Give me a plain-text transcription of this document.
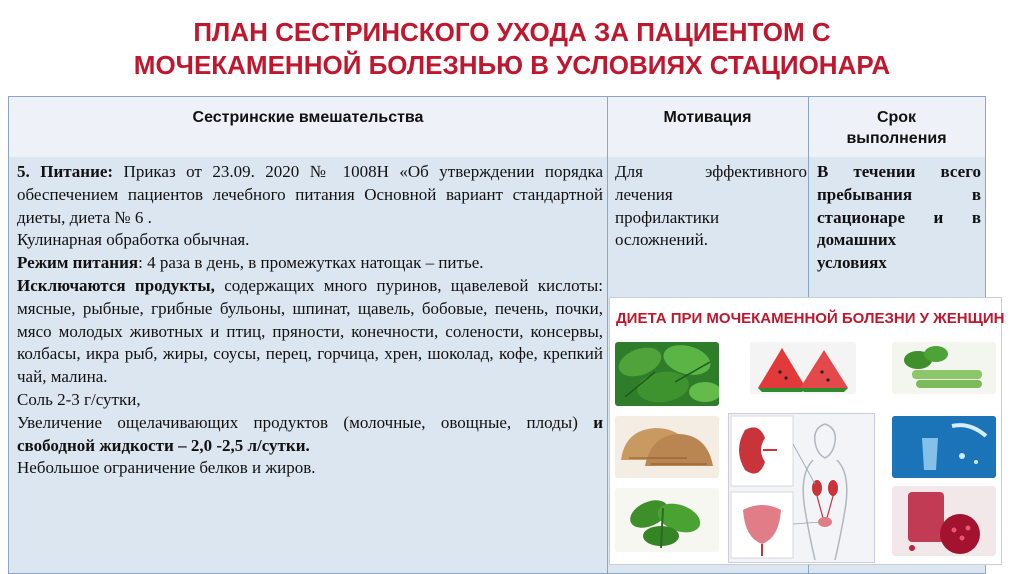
ПЛАН СЕСТРИНСКОГО УХОДА ЗА ПАЦИЕНТОМ С
МОЧЕКАМЕННОЙ БОЛЕЗНЬЮ В УСЛОВИЯХ СТАЦИОНАРА
Сестринские вмешательства	Мотивация	Срок
выполнения

5. Питание: Приказ от 23.09. 2020 № 1008Н «Об утверждении порядка обеспечением пациентов лечебного питания Основной вариант стандартной диеты, диета № 6 .

Кулинарная обработка обычная.

Режим питания: 4 раза в день, в промежутках натощак – питье.

Исключаются продукты, содержащих много пуринов, щавелевой кислоты: мясные, рыбные, грибные бульоны, шпинат, щавель, бобовые, печень, почки, мясо молодых животных и птиц, пряности, конечности, солености, консервы, колбасы, икра рыб, жиры, соусы, перец, горчица, хрен, шоколад, кофе, крепкий чай, малина.

Соль 2-3 г/сутки,

Увеличение ощелачивающих продуктов (молочные, овощные, плоды) и свободной жидкости – 2,0 -2,5 л/сутки.

Небольшое ограничение белков и жиров.

Для эффективного
лечения
профилактики
осложнений.
В течении всего
пребывания в
стационаре и в
домашних
условиях
ДИЕТА ПРИ МОЧЕКАМЕННОЙ БОЛЕЗНИ У ЖЕНЩИН
